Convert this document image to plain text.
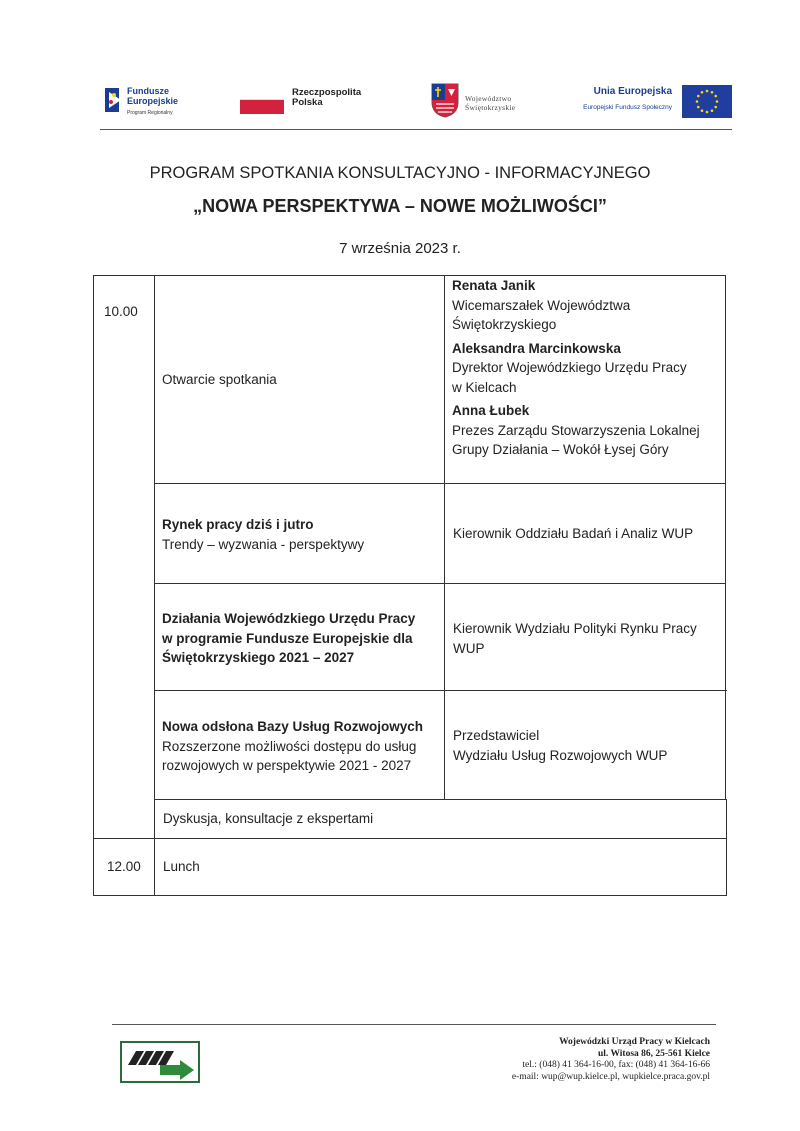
Fundusze
Europejskie
Program Regionalny
Rzeczpospolita
Polska	Województwo
Świętokrzyskie
Unia Europejska
Europejski Fundusz Społeczny
PROGRAM SPOTKANIA KONSULTACYJNO - INFORMACYJNEGO
„NOWA PERSPEKTYWA – NOWE MOŻLIWOŚCI”
7 września 2023 r.
10.00
12.00
Otwarcie spotkania
Renata Janik
Wicemarszałek Województwa
Świętokrzyskiego
Aleksandra Marcinkowska
Dyrektor Wojewódzkiego Urzędu Pracy
w Kielcach
Anna Łubek
Prezes Zarządu Stowarzyszenia Lokalnej
Grupy Działania – Wokół Łysej Góry
Rynek pracy dziś i jutro
Trendy – wyzwania - perspektywy
Kierownik Oddziału Badań i Analiz WUP
Działania Wojewódzkiego Urzędu Pracy
w programie Fundusze Europejskie dla
Świętokrzyskiego 2021 – 2027
Kierownik Wydziału Polityki Rynku Pracy
WUP
Nowa odsłona Bazy Usług Rozwojowych
Rozszerzone możliwości dostępu do usług
rozwojowych w perspektywie 2021 - 2027
Przedstawiciel
Wydziału Usług Rozwojowych WUP
Dyskusja, konsultacje z ekspertami
Lunch
Wojewódzki Urząd Pracy w Kielcach
ul. Witosa 86, 25-561 Kielce
tel.: (048) 41 364-16-00, fax: (048) 41 364-16-66
e-mail: wup@wup.kielce.pl, wupkielce.praca.gov.pl
